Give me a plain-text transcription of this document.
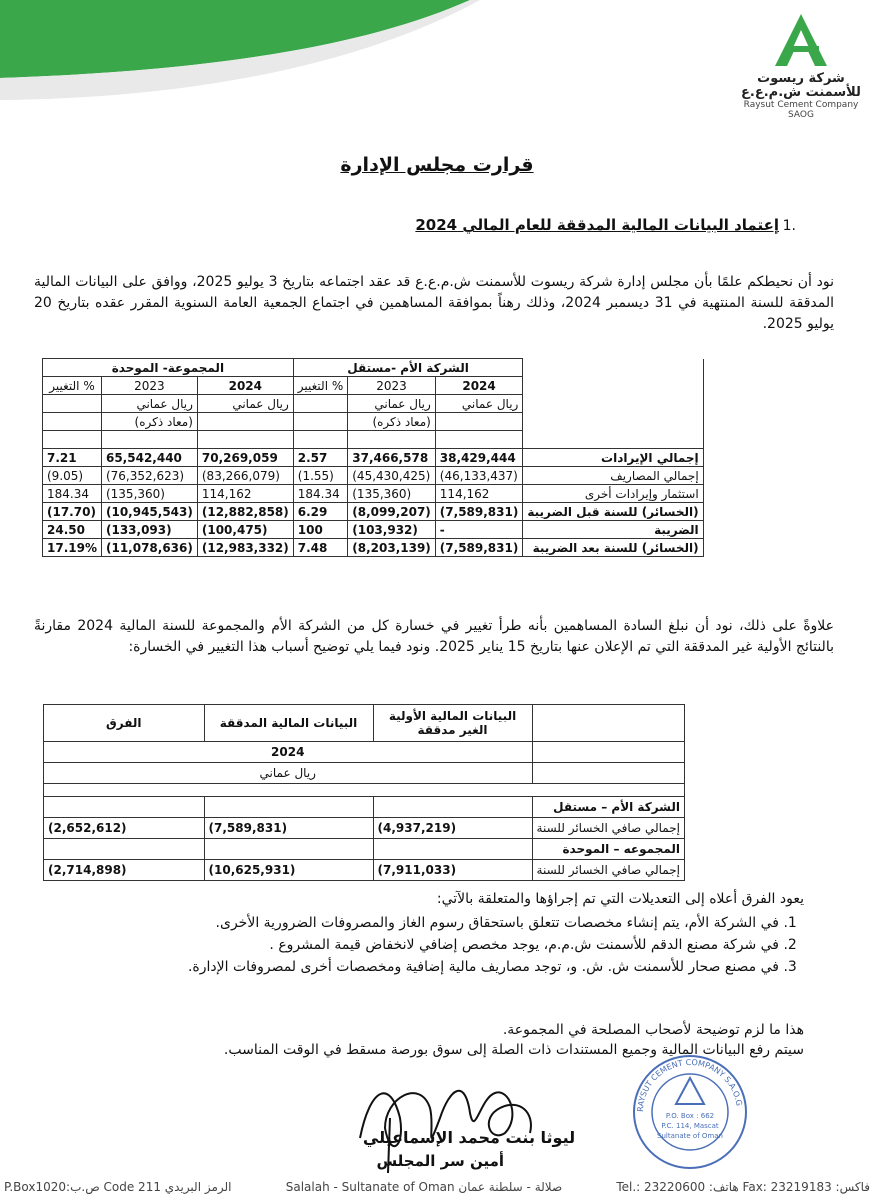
شركة ريسوت للأسمنت ش.م.ع.ع
Raysut Cement Company SAOG
قرارت مجلس الإدارة
1.
إعتماد البيانات المالية المدققة للعام المالي 2024
نود أن نحيطكم علمًا بأن مجلس إدارة شركة ريسوت للأسمنت ش.م.ع.ع قد عقد اجتماعه بتاريخ 3 يوليو 2025، ووافق على البيانات المالية المدققة للسنة المنتهية في 31 ديسمبر 2024، وذلك رهناً بموافقة المساهمين في اجتماع الجمعية العامة السنوية المقرر عقده بتاريخ 20 يوليو 2025.
	الشركة الأم -مستقل			المجموعة- الموحدة		
	2024	2023	% التغيير	2024	2023	% التغيير
	ريال عماني	ريال عماني		ريال عماني	ريال عماني	
		(معاد ذكره)			(معاد ذكره)	

إجمالي الإيرادات	38,429,444	37,466,578	2.57	70,269,059	65,542,440	7.21
إجمالي المصاريف	(46,133,437)	(45,430,425)	(1.55)	(83,266,079)	(76,352,623)	(9.05)
استثمار وإيرادات أخرى	114,162	(135,360)	184.34	114,162	(135,360)	184.34
(الخسائر) للسنة قبل الضريبة	(7,589,831)	(8,099,207)	6.29	(12,882,858)	(10,945,543)	(17.70)
الضريبة	-	(103,932)	100	(100,475)	(133,093)	24.50
(الخسائر) للسنة بعد الضريبة	(7,589,831)	(8,203,139)	7.48	(12,983,332)	(11,078,636)	17.19%
علاوةً على ذلك، نود أن نبلغ السادة المساهمين بأنه طرأ تغيير في خسارة كل من الشركة الأم والمجموعة للسنة المالية 2024 مقارنةً بالنتائج الأولية غير المدققة التي تم الإعلان عنها بتاريخ 15 يناير 2025. ونود فيما يلي توضيح أسباب هذا التغيير في الخسارة:
	البيانات المالية الأولية الغير مدققة	البيانات المالية المدققة	الفرق
	2024		
	ريال عماني		

الشركة الأم – مستقل			
إجمالي صافي الخسائر للسنة	(4,937,219)	(7,589,831)	(2,652,612)
المجموعه – الموحدة			
إجمالي صافي الخسائر للسنة	(7,911,033)	(10,625,931)	(2,714,898)
يعود الفرق أعلاه إلى التعديلات التي تم إجراؤها والمتعلقة بالآتي:
1. في الشركة الأم، يتم إنشاء مخصصات تتعلق باستحقاق رسوم الغاز والمصروفات الضرورية الأخرى.
2. في شركة مصنع الدقم للأسمنت ش.م.م، يوجد مخصص إضافي لانخفاض قيمة المشروع .
3. في مصنع صحار للأسمنت ش. ش. و، توجد مصاريف مالية إضافية ومخصصات أخرى لمصروفات الإدارة.
هذا ما لزم توضيحة لأصحاب المصلحة في المجموعة.
سيتم رفع البيانات المالية وجميع المستندات ذات الصلة إلى سوق بورصة مسقط في الوقت المناسب.
ليوثا بنت محمد الإسماعيلي
أمين سر المجلس
RAYSUT CEMENT COMPANY S.A.O.G
P.O. Box : 662
P.C. 114, Mascat
Sultanate of Oman
P.Box1020:ص.ب Code 211 الرمز البريدي	Salalah - Sultanate of Oman صلالة - سلطنة عمان	Tel.: 23220600 :هاتف Fax: 23219183 :فاكس
